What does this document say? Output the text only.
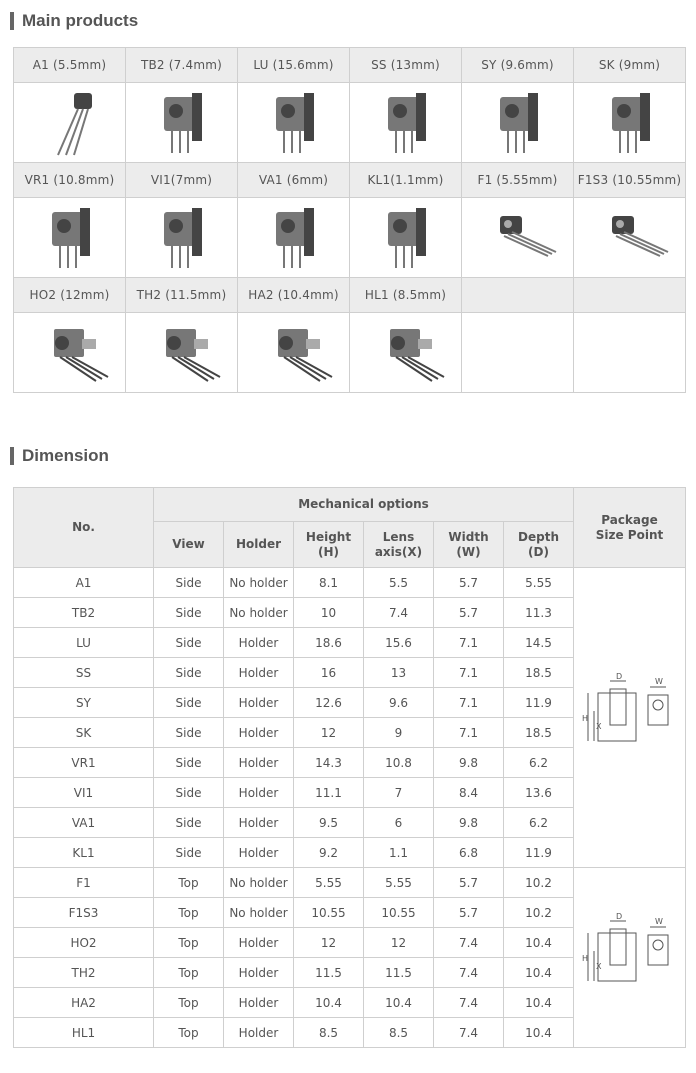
Main products
A1 (5.5mm)	TB2 (7.4mm)	LU (15.6mm)	SS (13mm)	SY (9.6mm)	SK (9mm)

VR1 (10.8mm)	VI1(7mm)	VA1 (6mm)	KL1(1.1mm)	F1 (5.55mm)	F1S3 (10.55mm)

HO2 (12mm)	TH2 (11.5mm)	HA2 (10.4mm)	HL1 (8.5mm)		

Dimension
No.	Mechanical options						Package Size Point
	View	Holder	Height (H)	Lens axis(X)	Width (W)	Depth (D)	
A1	Side	No holder	8.1	5.5	5.7	5.55	D
W
H
X

TB2	Side	No holder	10	7.4	5.7	11.3	
LU	Side	Holder	18.6	15.6	7.1	14.5	
SS	Side	Holder	16	13	7.1	18.5	
SY	Side	Holder	12.6	9.6	7.1	11.9	
SK	Side	Holder	12	9	7.1	18.5	
VR1	Side	Holder	14.3	10.8	9.8	6.2	
VI1	Side	Holder	11.1	7	8.4	13.6	
VA1	Side	Holder	9.5	6	9.8	6.2	
KL1	Side	Holder	9.2	1.1	6.8	11.9	
F1	Top	No holder	5.55	5.55	5.7	10.2	D
W
H
X

F1S3	Top	No holder	10.55	10.55	5.7	10.2	
HO2	Top	Holder	12	12	7.4	10.4	
TH2	Top	Holder	11.5	11.5	7.4	10.4	
HA2	Top	Holder	10.4	10.4	7.4	10.4	
HL1	Top	Holder	8.5	8.5	7.4	10.4	
